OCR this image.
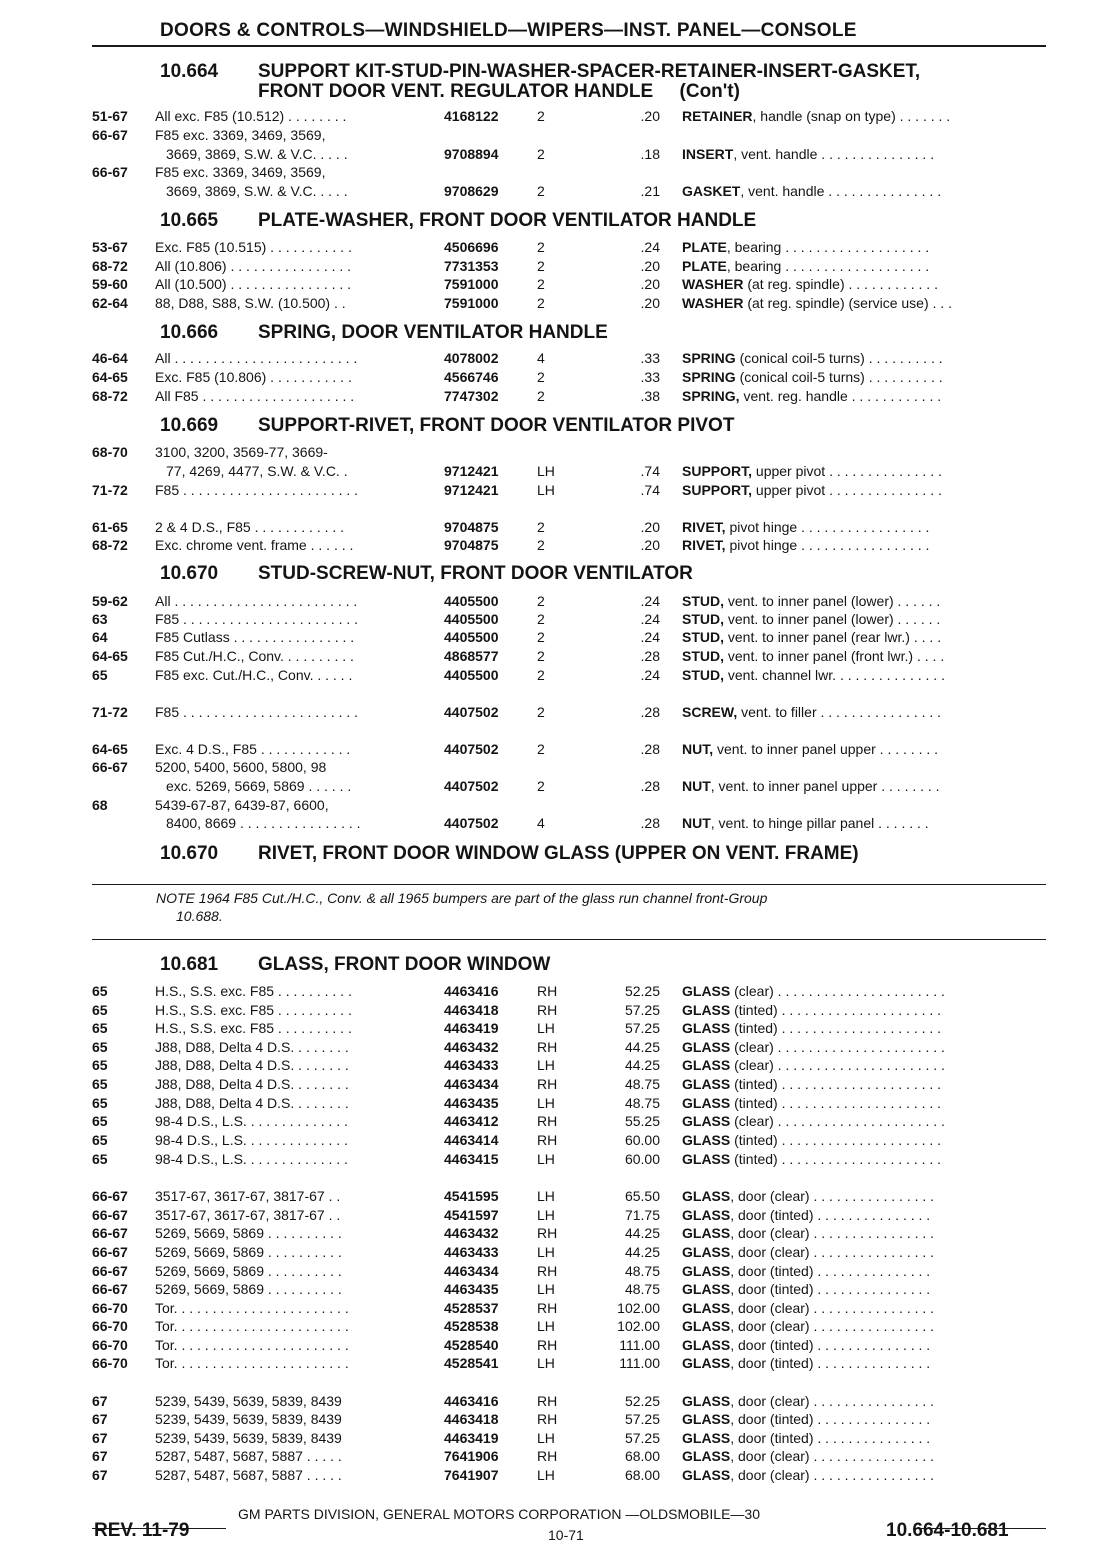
DOORS & CONTROLS—WINDSHIELD—WIPERS—INST. PANEL—CONSOLE
10.664 SUPPORT KIT-STUD-PIN-WASHER-SPACER-RETAINER-INSERT-GASKET,
FRONT DOOR VENT. REGULATOR HANDLE     (Con't)
10.665 PLATE-WASHER, FRONT DOOR VENTILATOR HANDLE
10.666 SPRING, DOOR VENTILATOR HANDLE
10.669 SUPPORT-RIVET, FRONT DOOR VENTILATOR PIVOT
10.670 STUD-SCREW-NUT, FRONT DOOR VENTILATOR
10.670 RIVET, FRONT DOOR WINDOW GLASS (UPPER ON VENT. FRAME)
NOTE 1964 F85 Cut./H.C., Conv. & all 1965 bumpers are part of the glass run channel front-Group
10.688.
10.681 GLASS, FRONT DOOR WINDOW
51-67 All exc. F85 (10.512) . . . . . . . .	4168122	2	.20 RETAINER, handle (snap on type) . . . . . . .
66-67 F85 exc. 3369, 3469, 3569,
3669, 3869, S.W. & V.C. . . . .	9708894	2	.18 INSERT, vent. handle . . . . . . . . . . . . . . .
66-67 F85 exc. 3369, 3469, 3569,
3669, 3869, S.W. & V.C. . . . .	9708629	2	.21 GASKET, vent. handle . . . . . . . . . . . . . . .
53-67 Exc. F85 (10.515) . . . . . . . . . . .	4506696	2	.24 PLATE, bearing . . . . . . . . . . . . . . . . . . .
68-72 All (10.806) . . . . . . . . . . . . . . . .	7731353	2	.20 PLATE, bearing . . . . . . . . . . . . . . . . . . .
59-60 All (10.500) . . . . . . . . . . . . . . . .	7591000	2	.20 WASHER (at reg. spindle) . . . . . . . . . . . .
62-64 88, D88, S88, S.W. (10.500) . .	7591000	2	.20 WASHER (at reg. spindle) (service use) . . .
46-64 All . . . . . . . . . . . . . . . . . . . . . . . .	4078002	4	.33 SPRING (conical coil-5 turns) . . . . . . . . . .
64-65 Exc. F85 (10.806) . . . . . . . . . . .	4566746	2	.33 SPRING (conical coil-5 turns) . . . . . . . . . .
68-72 All F85 . . . . . . . . . . . . . . . . . . . .	7747302	2	.38 SPRING, vent. reg. handle . . . . . . . . . . . .
68-70 3100, 3200, 3569-77, 3669-
77, 4269, 4477, S.W. & V.C. .	9712421	LH	.74 SUPPORT, upper pivot . . . . . . . . . . . . . . .
71-72 F85 . . . . . . . . . . . . . . . . . . . . . . .	9712421	LH	.74 SUPPORT, upper pivot . . . . . . . . . . . . . . .
61-65 2 & 4 D.S., F85 . . . . . . . . . . . .	9704875	2	.20 RIVET, pivot hinge . . . . . . . . . . . . . . . . .
68-72 Exc. chrome vent. frame . . . . . .	9704875	2	.20 RIVET, pivot hinge . . . . . . . . . . . . . . . . .
59-62 All . . . . . . . . . . . . . . . . . . . . . . . .	4405500	2	.24 STUD, vent. to inner panel (lower) . . . . . .
63	F85 . . . . . . . . . . . . . . . . . . . . . . .	4405500	2	.24 STUD, vent. to inner panel (lower) . . . . . .
64	F85 Cutlass . . . . . . . . . . . . . . . .	4405500	2	.24 STUD, vent. to inner panel (rear lwr.) . . . .
64-65 F85 Cut./H.C., Conv. . . . . . . . . .	4868577	2	.28 STUD, vent. to inner panel (front lwr.) . . . .
65	F85 exc. Cut./H.C., Conv. . . . . .	4405500	2	.24 STUD, vent. channel lwr. . . . . . . . . . . . . . .
71-72 F85 . . . . . . . . . . . . . . . . . . . . . . .	4407502	2	.28 SCREW, vent. to filler . . . . . . . . . . . . . . . .
64-65 Exc. 4 D.S., F85 . . . . . . . . . . . .	4407502	2	.28 NUT, vent. to inner panel upper . . . . . . . .
66-67 5200, 5400, 5600, 5800, 98
exc. 5269, 5669, 5869 . . . . . .	4407502	2	.28 NUT, vent. to inner panel upper . . . . . . . .
68	5439-67-87, 6439-87, 6600,
8400, 8669 . . . . . . . . . . . . . . . .	4407502	4	.28 NUT, vent. to hinge pillar panel . . . . . . .
65	H.S., S.S. exc. F85 . . . . . . . . . .	4463416	RH	52.25 GLASS (clear) . . . . . . . . . . . . . . . . . . . . . .
65	H.S., S.S. exc. F85 . . . . . . . . . .	4463418	RH	57.25 GLASS (tinted) . . . . . . . . . . . . . . . . . . . . .
65	H.S., S.S. exc. F85 . . . . . . . . . .	4463419	LH	57.25 GLASS (tinted) . . . . . . . . . . . . . . . . . . . . .
65	J88, D88, Delta 4 D.S. . . . . . . .	4463432	RH	44.25 GLASS (clear) . . . . . . . . . . . . . . . . . . . . . .
65	J88, D88, Delta 4 D.S. . . . . . . .	4463433	LH	44.25 GLASS (clear) . . . . . . . . . . . . . . . . . . . . . .
65	J88, D88, Delta 4 D.S. . . . . . . .	4463434	RH	48.75 GLASS (tinted) . . . . . . . . . . . . . . . . . . . . .
65	J88, D88, Delta 4 D.S. . . . . . . .	4463435	LH	48.75 GLASS (tinted) . . . . . . . . . . . . . . . . . . . . .
65	98-4 D.S., L.S. . . . . . . . . . . . . .	4463412	RH	55.25 GLASS (clear) . . . . . . . . . . . . . . . . . . . . . .
65	98-4 D.S., L.S. . . . . . . . . . . . . .	4463414	RH	60.00 GLASS (tinted) . . . . . . . . . . . . . . . . . . . . .
65	98-4 D.S., L.S. . . . . . . . . . . . . .	4463415	LH	60.00 GLASS (tinted) . . . . . . . . . . . . . . . . . . . . .
66-67 3517-67, 3617-67, 3817-67 . .	4541595	LH	65.50 GLASS, door (clear) . . . . . . . . . . . . . . . .
66-67 3517-67, 3617-67, 3817-67 . .	4541597	LH	71.75 GLASS, door (tinted) . . . . . . . . . . . . . . .
66-67 5269, 5669, 5869 . . . . . . . . . .	4463432	RH	44.25 GLASS, door (clear) . . . . . . . . . . . . . . . .
66-67 5269, 5669, 5869 . . . . . . . . . .	4463433	LH	44.25 GLASS, door (clear) . . . . . . . . . . . . . . . .
66-67 5269, 5669, 5869 . . . . . . . . . .	4463434	RH	48.75 GLASS, door (tinted) . . . . . . . . . . . . . . .
66-67 5269, 5669, 5869 . . . . . . . . . .	4463435	LH	48.75 GLASS, door (tinted) . . . . . . . . . . . . . . .
66-70 Tor. . . . . . . . . . . . . . . . . . . . . . .	4528537	RH	102.00 GLASS, door (clear) . . . . . . . . . . . . . . . .
66-70 Tor. . . . . . . . . . . . . . . . . . . . . . .	4528538	LH	102.00 GLASS, door (clear) . . . . . . . . . . . . . . . .
66-70 Tor. . . . . . . . . . . . . . . . . . . . . . .	4528540	RH	111.00 GLASS, door (tinted) . . . . . . . . . . . . . . .
66-70 Tor. . . . . . . . . . . . . . . . . . . . . . .	4528541	LH	111.00 GLASS, door (tinted) . . . . . . . . . . . . . . .
67	5239, 5439, 5639, 5839, 8439	4463416	RH	52.25 GLASS, door (clear) . . . . . . . . . . . . . . . .
67	5239, 5439, 5639, 5839, 8439	4463418	RH	57.25 GLASS, door (tinted) . . . . . . . . . . . . . . .
67	5239, 5439, 5639, 5839, 8439	4463419	LH	57.25 GLASS, door (tinted) . . . . . . . . . . . . . . .
67	5287, 5487, 5687, 5887 . . . . .	7641906	RH	68.00 GLASS, door (clear) . . . . . . . . . . . . . . . .
67	5287, 5487, 5687, 5887 . . . . .	7641907	LH	68.00 GLASS, door (clear) . . . . . . . . . . . . . . . .
GM PARTS DIVISION, GENERAL MOTORS CORPORATION —OLDSMOBILE—30
REV. 11-79	10-71	10.664-10.681
